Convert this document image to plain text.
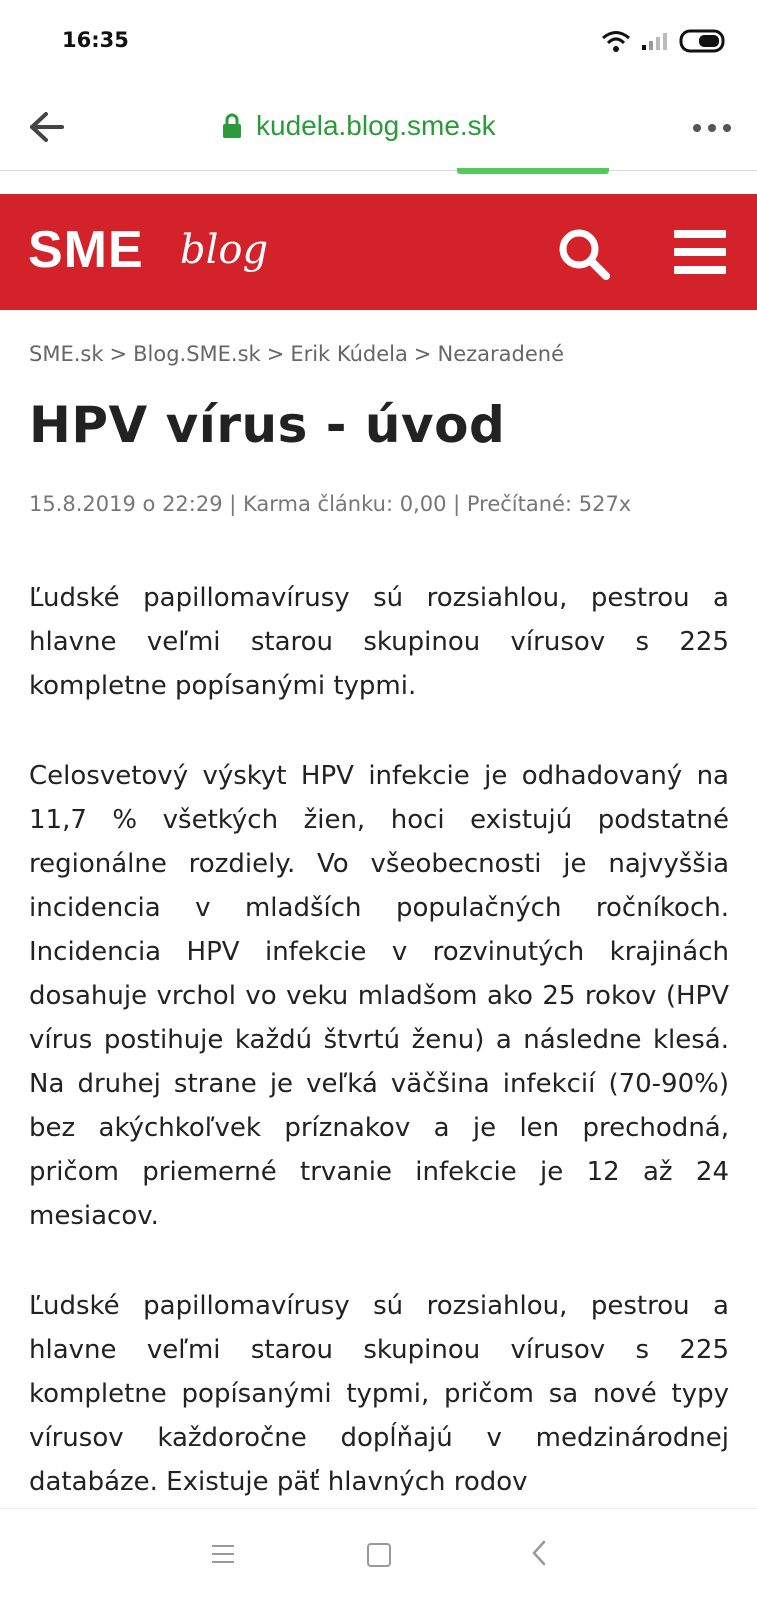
16:35
kudela.blog.sme.sk
SME blog
SME.sk > Blog.SME.sk > Erik Kúdela > Nezaradené
HPV vírus - úvod
15.8.2019 o 22:29 | Karma článku: 0,00 | Prečítané: 527x

Ľudské papillomavírusy sú rozsiahlou, pestrou a hlavne veľmi starou skupinou vírusov s 225 kompletne popísanými typmi.

Celosvetový výskyt HPV infekcie je odhadovaný na 11,7 % všetkých žien, hoci existujú podstatné regionálne rozdiely. Vo všeobecnosti je najvyššia incidencia v mladších populačných ročníkoch. Incidencia HPV infekcie v rozvinutých krajinách dosahuje vrchol vo veku mladšom ako 25 rokov (HPV vírus postihuje každú štvrtú ženu) a následne klesá. Na druhej strane je veľká väčšina infekcií (70-90%) bez akýchkoľvek príznakov a je len prechodná, pričom priemerné trvanie infekcie je 12 až 24 mesiacov.

Ľudské papillomavírusy sú rozsiahlou, pestrou a hlavne veľmi starou skupinou vírusov s 225 kompletne popísanými typmi, pričom sa nové typy vírusov každoročne dopĺňajú v medzinárodnej databáze. Existuje päť hlavných rodov
